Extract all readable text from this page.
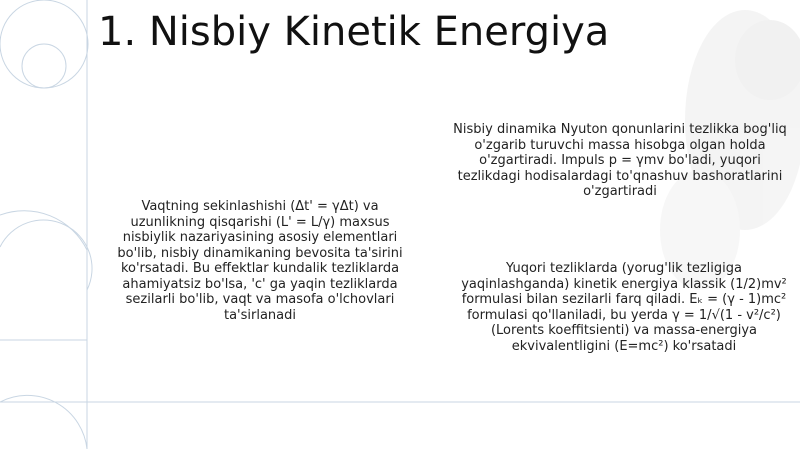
1. Nisbiy Kinetik Energiya
Vaqtning sekinlashishi (Δt' = γΔt) va uzunlikning qisqarishi (L' = L/γ) maxsus nisbiylik nazariyasining asosiy elementlari bo'lib, nisbiy dinamikaning bevosita ta'sirini ko'rsatadi. Bu effektlar kundalik tezliklarda ahamiyatsiz bo'lsa, 'c' ga yaqin tezliklarda sezilarli bo'lib, vaqt va masofa o'lchovlari ta'sirlanadi
Nisbiy dinamika Nyuton qonunlarini tezlikka bog'liq o'zgarib turuvchi massa hisobga olgan holda o'zgartiradi. Impuls p = γmv bo'ladi, yuqori tezlikdagi hodisalardagi to'qnashuv bashoratlarini o'zgartiradi
Yuqori tezliklarda (yorug'lik tezligiga yaqinlashganda) kinetik energiya klassik (1/2)mv² formulasi bilan sezilarli farq qiladi. Eₖ = (γ - 1)mc² formulasi qo'llaniladi, bu yerda γ = 1/√(1 - v²/c²) (Lorents koeffitsienti) va massa-energiya ekvivalentligini (E=mc²) ko'rsatadi
